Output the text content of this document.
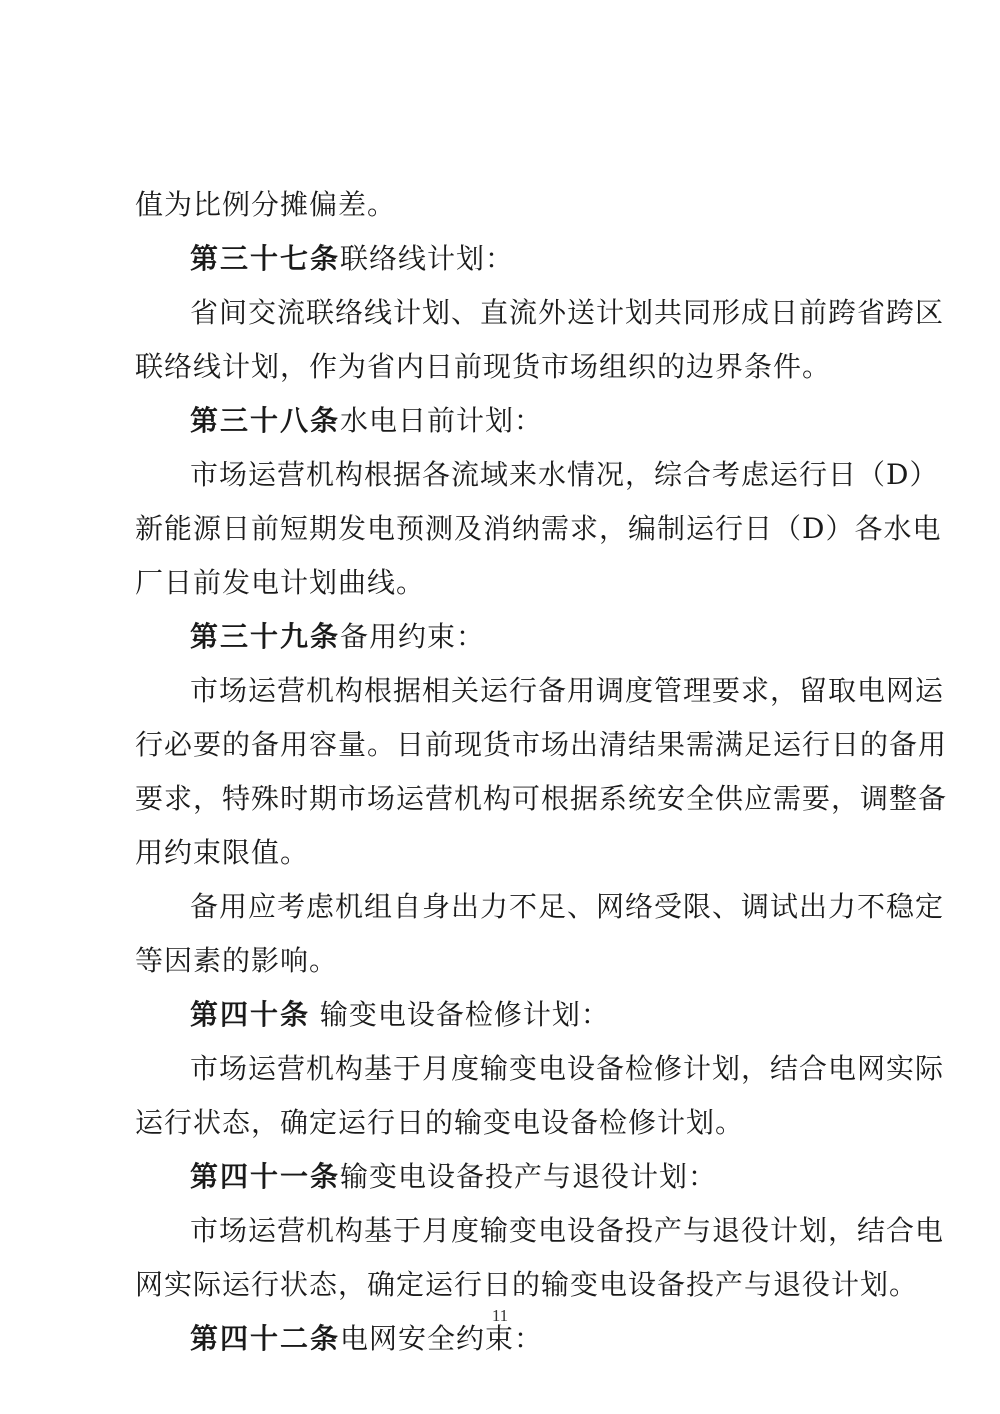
值为比例分摊偏差。
第三十七条联络线计划：
省间交流联络线计划、直流外送计划共同形成日前跨省跨区
联络线计划，作为省内日前现货市场组织的边界条件。
第三十八条水电日前计划：
市场运营机构根据各流域来水情况，综合考虑运行日（D）
新能源日前短期发电预测及消纳需求，编制运行日（D）各水电
厂日前发电计划曲线。
第三十九条备用约束：
市场运营机构根据相关运行备用调度管理要求，留取电网运
行必要的备用容量。日前现货市场出清结果需满足运行日的备用
要求，特殊时期市场运营机构可根据系统安全供应需要，调整备
用约束限值。
备用应考虑机组自身出力不足、网络受限、调试出力不稳定
等因素的影响。
第四十条 输变电设备检修计划：
市场运营机构基于月度输变电设备检修计划，结合电网实际
运行状态，确定运行日的输变电设备检修计划。
第四十一条输变电设备投产与退役计划：
市场运营机构基于月度输变电设备投产与退役计划，结合电
网实际运行状态，确定运行日的输变电设备投产与退役计划。
第四十二条电网安全约束：
11
